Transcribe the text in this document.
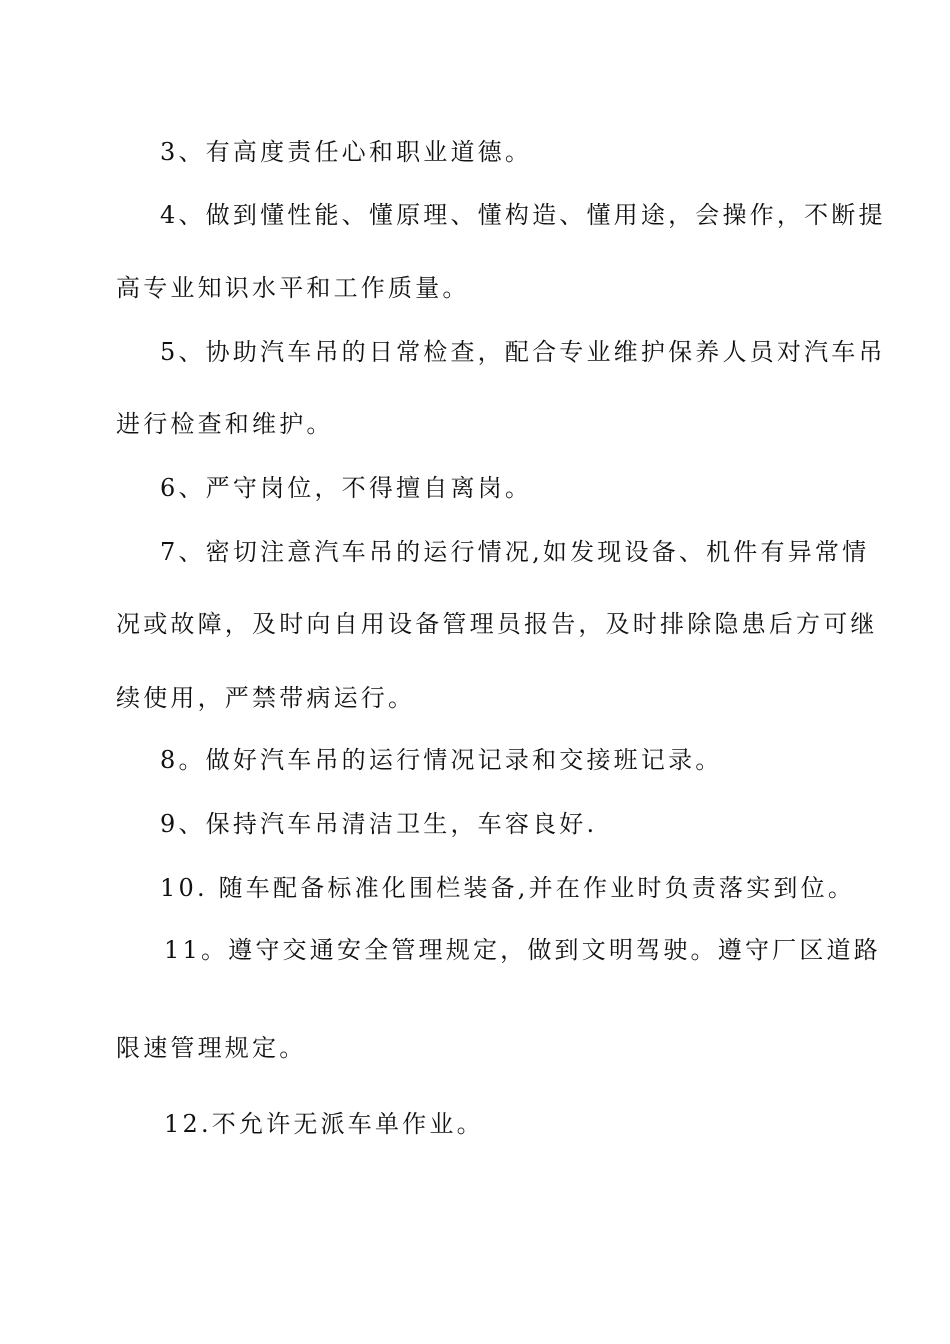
3、有高度责任心和职业道德。
4、做到懂性能、懂原理、懂构造、懂用途，会操作，不断提
高专业知识水平和工作质量。
5、协助汽车吊的日常检查，配合专业维护保养人员对汽车吊
进行检查和维护。
6、严守岗位，不得擅自离岗。
7、密切注意汽车吊的运行情况,如发现设备、机件有异常情
况或故障，及时向自用设备管理员报告，及时排除隐患后方可继
续使用，严禁带病运行。
8。做好汽车吊的运行情况记录和交接班记录。
9、保持汽车吊清洁卫生，车容良好.
10. 随车配备标准化围栏装备,并在作业时负责落实到位。
11。遵守交通安全管理规定，做到文明驾驶。遵守厂区道路
限速管理规定。
12.不允许无派车单作业。
